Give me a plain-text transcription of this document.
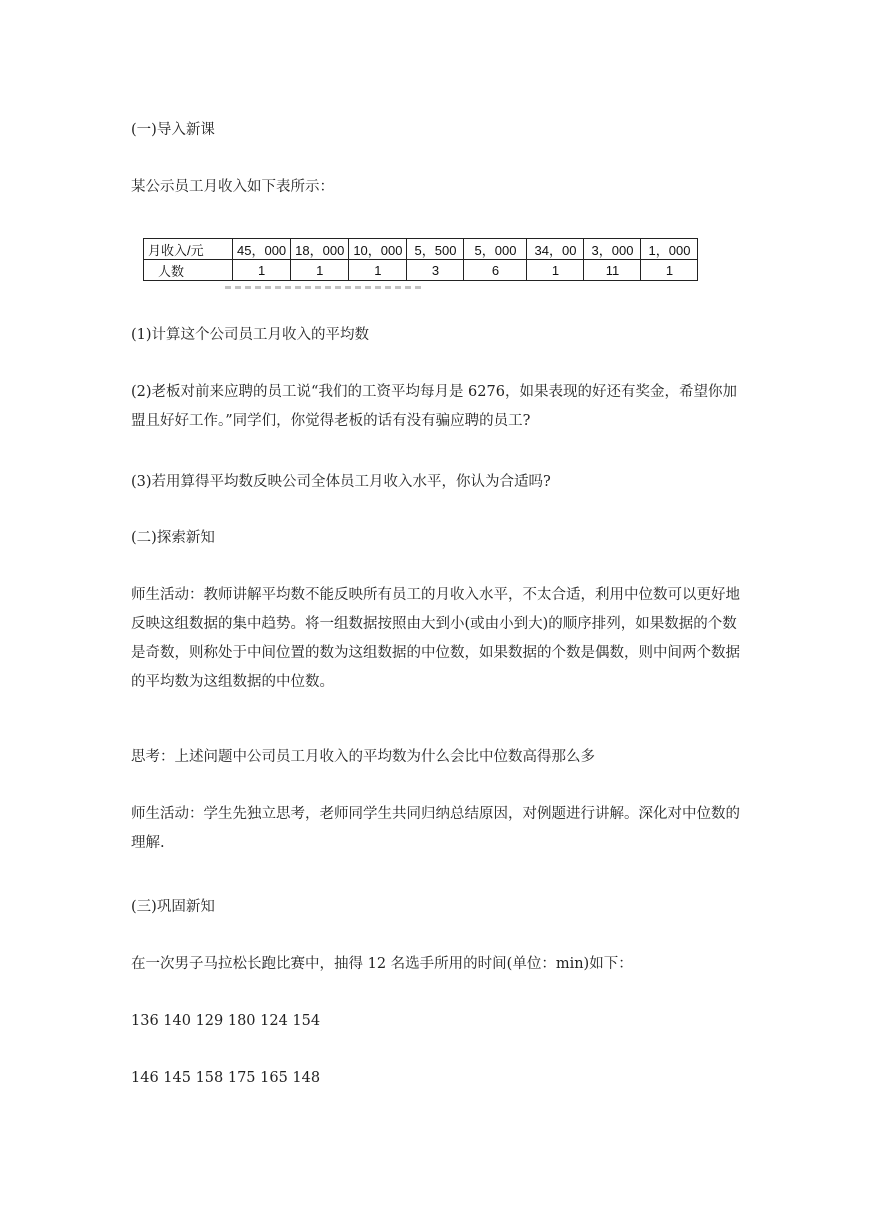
(一)导入新课

某公示员工月收入如下表所示：

月收入/元	45，000	18，000	10，000	5，500	5，000	34，00	3，000	1，000
人数	1	1	1	3	6	1	11	1

(1)计算这个公司员工月收入的平均数

(2)老板对前来应聘的员工说“我们的工资平均每月是 6276，如果表现的好还有奖金，希望你加盟且好好工作。”同学们，你觉得老板的话有没有骗应聘的员工?

(3)若用算得平均数反映公司全体员工月收入水平，你认为合适吗?

(二)探索新知

师生活动：教师讲解平均数不能反映所有员工的月收入水平，不太合适，利用中位数可以更好地反映这组数据的集中趋势。将一组数据按照由大到小(或由小到大)的顺序排列，如果数据的个数是奇数，则称处于中间位置的数为这组数据的中位数，如果数据的个数是偶数，则中间两个数据的平均数为这组数据的中位数。

思考：上述问题中公司员工月收入的平均数为什么会比中位数高得那么多

师生活动：学生先独立思考，老师同学生共同归纳总结原因，对例题进行讲解。深化对中位数的理解.

(三)巩固新知

在一次男子马拉松长跑比赛中，抽得 12 名选手所用的时间(单位：min)如下：

136 140 129 180 124 154

146 145 158 175 165 148
